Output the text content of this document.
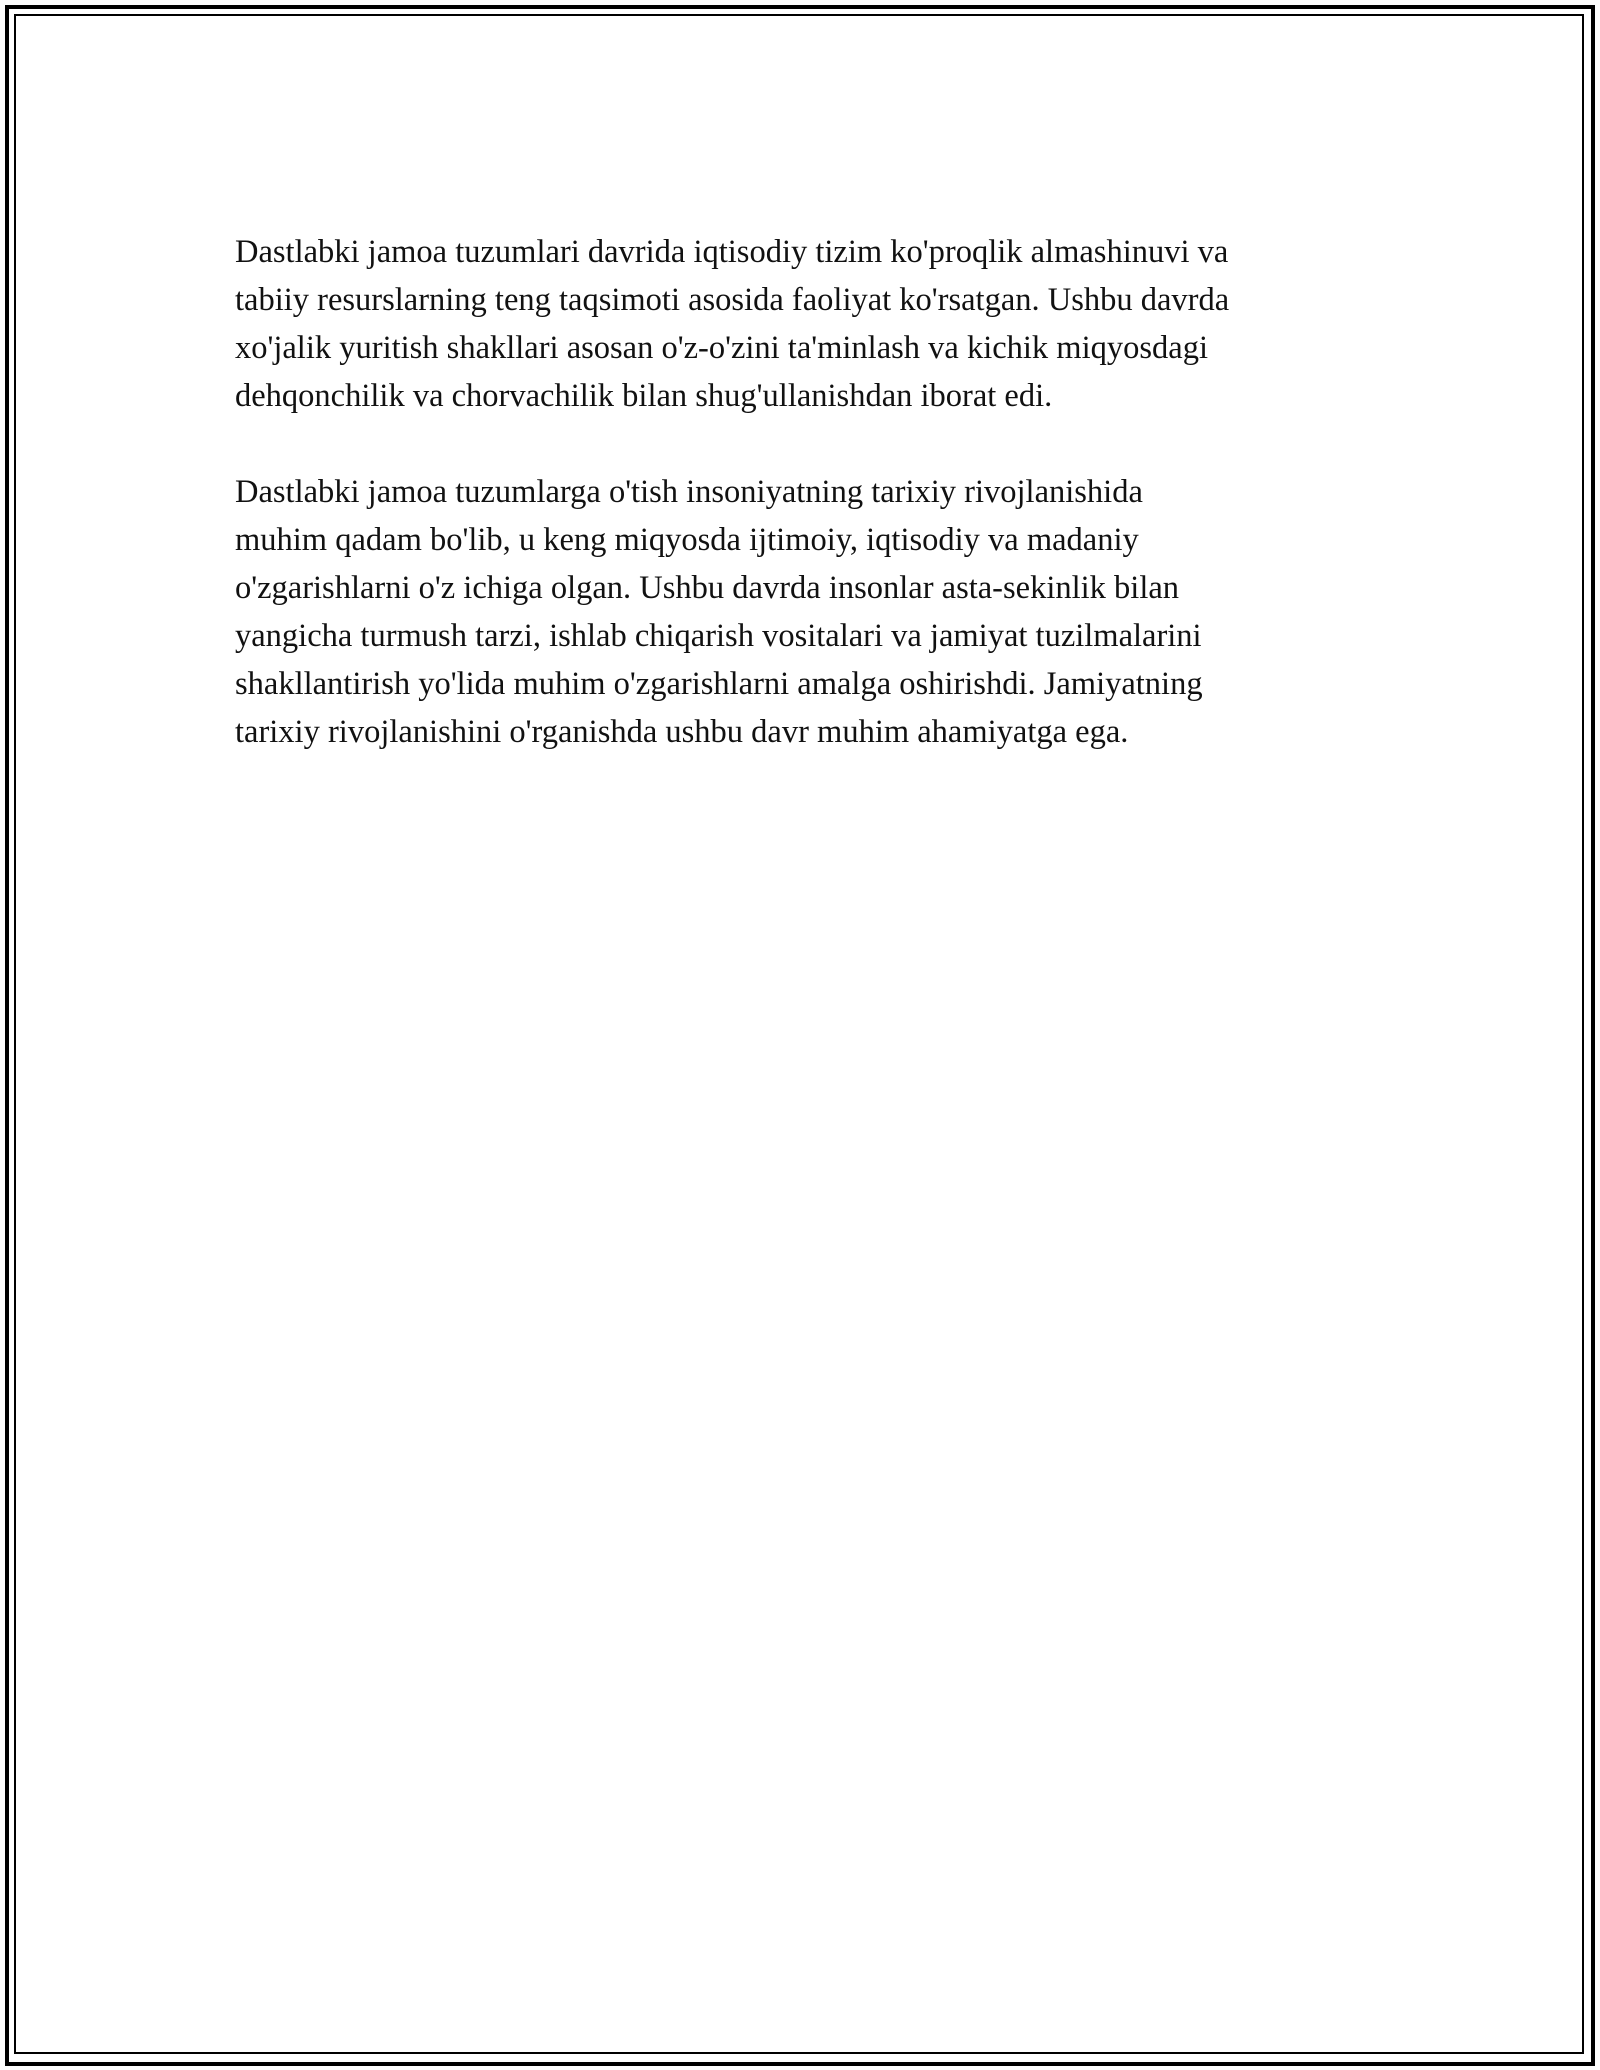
Dastlabki jamoa tuzumlari davrida iqtisodiy tizim ko'proqlik almashinuvi va
tabiiy resurslarning teng taqsimoti asosida faoliyat ko'rsatgan. Ushbu davrda
xo'jalik yuritish shakllari asosan o'z-o'zini ta'minlash va kichik miqyosdagi
dehqonchilik va chorvachilik bilan shug'ullanishdan iborat edi.

Dastlabki jamoa tuzumlarga o'tish insoniyatning tarixiy rivojlanishida
muhim qadam bo'lib, u keng miqyosda ijtimoiy, iqtisodiy va madaniy
o'zgarishlarni o'z ichiga olgan. Ushbu davrda insonlar asta-sekinlik bilan
yangicha turmush tarzi, ishlab chiqarish vositalari va jamiyat tuzilmalarini
shakllantirish yo'lida muhim o'zgarishlarni amalga oshirishdi. Jamiyatning
tarixiy rivojlanishini o'rganishda ushbu davr muhim ahamiyatga ega.
